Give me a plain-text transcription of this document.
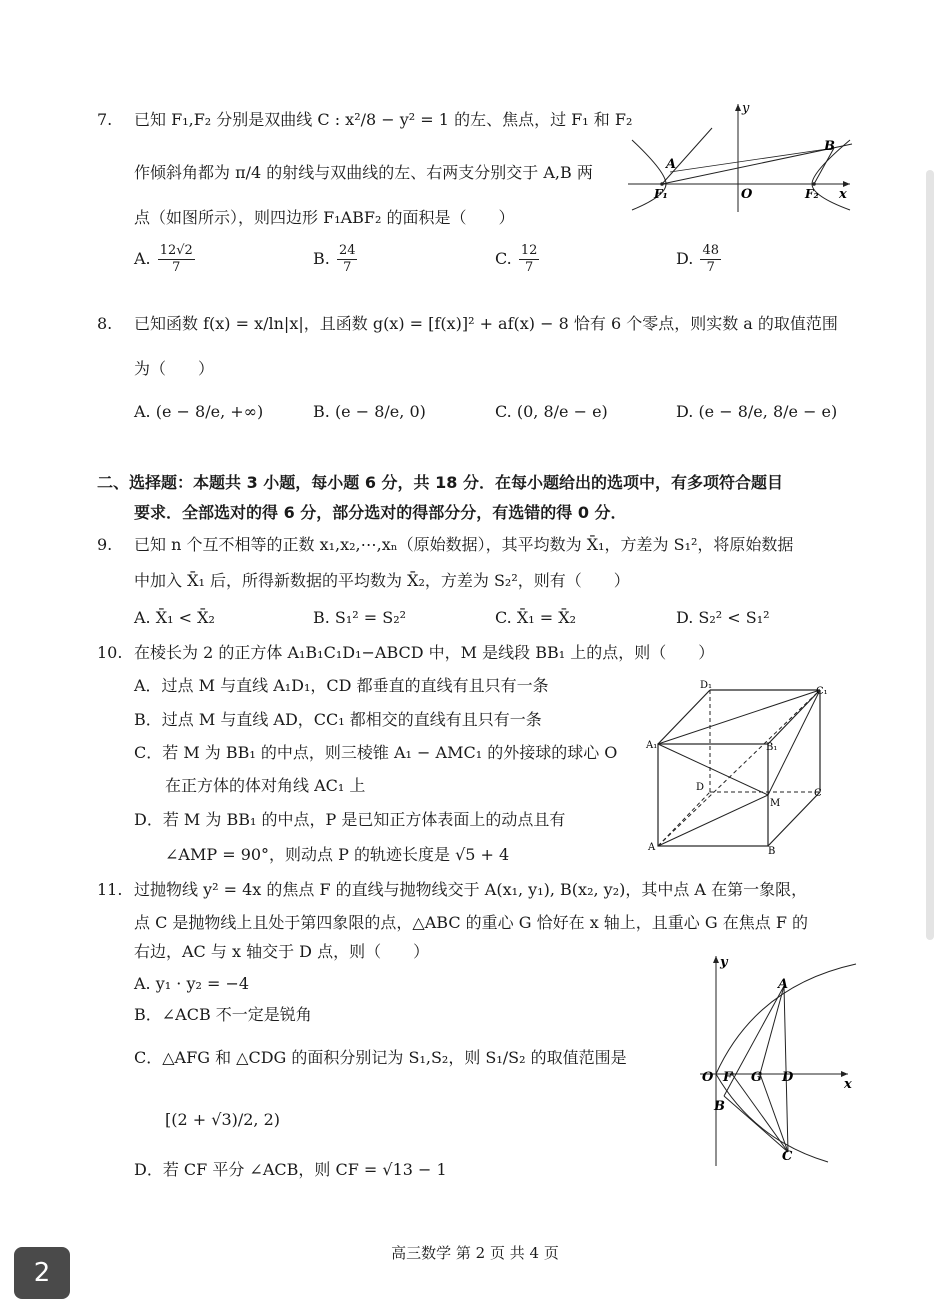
7. 已知 F₁,F₂ 分别是双曲线 C : x²/8 − y² = 1 的左、焦点，过 F₁ 和 F₂
作倾斜角都为 π/4 的射线与双曲线的左、右两支分别交于 A,B 两
点（如图所示），则四边形 F₁ABF₂ 的面积是（　　）
A. $\frac{12√2}{7}$	B. $\frac{24}{7}$	C. $\frac{12}{7}$	D. $\frac{48}{7}$
y
x
O
A
B
F₁	F₂
8. 已知函数 f(x) = x/ln|x|，且函数 g(x) = [f(x)]² + af(x) − 8 恰有 6 个零点，则实数 a 的取值范围
为（　　）
A. (e − 8/e, +∞)	B. (e − 8/e, 0)	C. (0, 8/e − e)	D. (e − 8/e, 8/e − e)
二、选择题：本题共 3 小题，每小题 6 分，共 18 分．在每小题给出的选项中，有多项符合题目
要求．全部选对的得 6 分，部分选对的得部分分，有选错的得 0 分．
9. 已知 n 个互不相等的正数 x₁,x₂,⋯,xₙ（原始数据），其平均数为 X̄₁，方差为 S₁²，将原始数据
中加入 X̄₁ 后，所得新数据的平均数为 X̄₂，方差为 S₂²，则有（　　）
A. X̄₁ < X̄₂	B. S₁² = S₂²	C. X̄₁ = X̄₂	D. S₂² < S₁²
10. 在棱长为 2 的正方体 A₁B₁C₁D₁−ABCD 中，M 是线段 BB₁ 上的点，则（　　）
A．过点 M 与直线 A₁D₁，CD 都垂直的直线有且只有一条
B．过点 M 与直线 AD，CC₁ 都相交的直线有且只有一条
C．若 M 为 BB₁ 的中点，则三棱锥 A₁ − AMC₁ 的外接球的球心 O
在正方体的体对角线 AC₁ 上
D．若 M 为 BB₁ 的中点，P 是已知正方体表面上的动点且有
∠AMP = 90°，则动点 P 的轨迹长度是 √5 + 4
D₁
C₁
A₁	B₁
D
C
M
A	B
11. 过抛物线 y² = 4x 的焦点 F 的直线与抛物线交于 A(x₁, y₁), B(x₂, y₂)，其中点 A 在第一象限，
点 C 是抛物线上且处于第四象限的点，△ABC 的重心 G 恰好在 x 轴上，且重心 G 在焦点 F 的
右边，AC 与 x 轴交于 D 点，则（　　）
A. y₁ · y₂ = −4
B．∠ACB 不一定是锐角
C．△AFG 和 △CDG 的面积分别记为 S₁,S₂，则 S₁/S₂ 的取值范围是
[(2 + √3)/2, 2)
D．若 CF 平分 ∠ACB，则 CF = √13 − 1
y
x
O F G D
A
B
C
高三数学 第 2 页 共 4 页
2
